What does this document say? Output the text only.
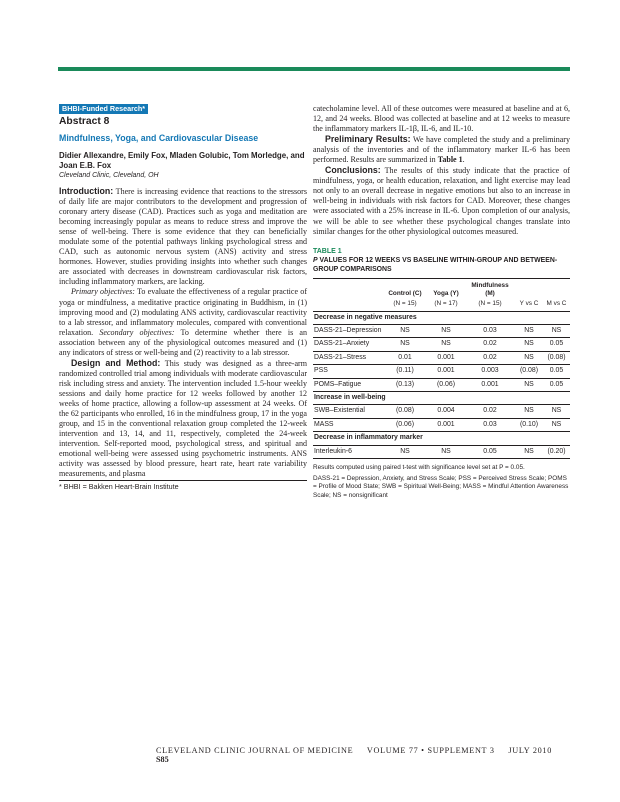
BHBI-Funded Research*
Abstract 8
Mindfulness, Yoga, and Cardiovascular Disease
Didier Allexandre, Emily Fox, Mladen Golubic, Tom Morledge, and Joan E.B. Fox
Cleveland Clinic, Cleveland, OH

Introduction: There is increasing evidence that reactions to the stressors of daily life are major contributors to the development and progression of coronary artery disease (CAD). Practices such as yoga and meditation are becoming increasingly popular as means to reduce stress and improve the sense of well-being. There is some evidence that they can beneficially modulate some of the potential pathways linking psychological stress and CAD, such as autonomic nervous system (ANS) activity and stress hormones. However, studies providing insights into whether such changes are associated with decreases in downstream cardiovascular risk factors, including inflammatory markers, are lacking.

Primary objectives: To evaluate the effectiveness of a regular practice of yoga or mindfulness, a meditative practice originating in Buddhism, in (1) improving mood and (2) modulating ANS activity, cardiovascular reactivity to a lab stressor, and inflammatory molecules, compared with conventional relaxation. Secondary objectives: To determine whether there is an association between any of the physiological outcomes measured and (1) any indicators of stress or well-being and (2) reactivity to a lab stressor.

Design and Method: This study was designed as a three-arm randomized controlled trial among individuals with moderate cardiovascular risk including stress and anxiety. The intervention included 1.5-hour weekly sessions and daily home practice for 12 weeks followed by another 12 weeks of home practice, allowing a follow-up assessment at 24 weeks. Of the 62 participants who enrolled, 16 in the mindfulness group, 17 in the yoga group, and 15 in the conventional relaxation group completed the 12-week intervention and 13, 14, and 11, respectively, completed the 24-week intervention. Self-reported mood, psychological stress, and spiritual and emotional well-being were assessed using psychometric instruments. ANS activity was assessed by blood pressure, heart rate, heart rate variability measurements, and plasma

* BHBI = Bakken Heart-Brain Institute

catecholamine level. All of these outcomes were measured at baseline and at 6, 12, and 24 weeks. Blood was collected at baseline and at 12 weeks to measure the inflammatory markers IL-1β, IL-6, and IL-10.

Preliminary Results: We have completed the study and a preliminary analysis of the inventories and of the inflammatory marker IL-6 has been performed. Results are summarized in Table 1.

Conclusions: The results of this study indicate that the practice of mindfulness, yoga, or health education, relaxation, and light exercise may lead not only to an overall decrease in negative emotions but also to an increase in well-being in individuals with risk factors for CAD. Moreover, these changes were associated with a 25% increase in IL-6. Upon completion of our analysis, we will be able to see whether these psychological changes translate into similar changes for the other physiological outcomes measured.

TABLE 1
P VALUES FOR 12 WEEKS VS BASELINE WITHIN-GROUP AND BETWEEN-GROUP COMPARISONS
	Control (C)	Yoga (Y)	Mindfulness (M)		
	(N = 15)	(N = 17)	(N = 15)	Y vs C	M vs C

Decrease in negative measures					
DASS-21–Depression	NS	NS	0.03	NS	NS
DASS-21–Anxiety	NS	NS	0.02	NS	0.05
DASS-21–Stress	0.01	0.001	0.02	NS	(0.08)
PSS	(0.11)	0.001	0.003	(0.08)	0.05
POMS–Fatigue	(0.13)	(0.06)	0.001	NS	0.05
Increase in well-being					
SWB–Existential	(0.08)	0.004	0.02	NS	NS
MASS	(0.06)	0.001	0.03	(0.10)	NS
Decrease in inflammatory marker					
Interleukin-6	NS	NS	0.05	NS	(0.20)

Results computed using paired t-test with significance level set at P = 0.05.
DASS-21 = Depression, Anxiety, and Stress Scale; PSS = Perceived Stress Scale; POMS = Profile of Mood State; SWB = Spiritual Well-Being; MASS = Mindful Attention Awareness Scale; NS = nonsignificant
CLEVELAND CLINIC JOURNAL OF MEDICINE VOLUME 77 • SUPPLEMENT 3 JULY 2010    S85
